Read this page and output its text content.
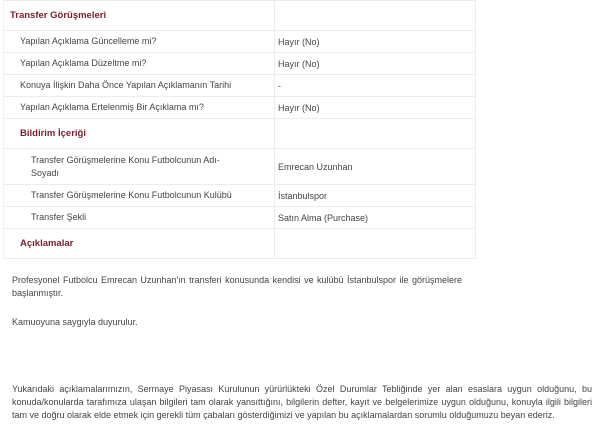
Transfer Görüşmeleri	

Yapılan Açıklama Güncelleme mi?	Hayır (No)

Yapılan Açıklama Düzeltme mi?	Hayır (No)

Konuya İlişkin Daha Önce Yapılan Açıklamanın Tarihi	-

Yapılan Açıklama Ertelenmiş Bir Açıklama mı?	Hayır (No)

Bildirim İçeriği	

Transfer Görüşmelerine Konu Futbolcunun Adı-Soyadı	Emrecan Uzunhan

Transfer Görüşmelerine Konu Futbolcunun Kulübü	İstanbulspor

Transfer Şekli	Satın Alma (Purchase)

Açıklamalar	

Profesyonel Futbolcu Emrecan Uzunhan'ın transferi konusunda kendisi ve kulübü İstanbulspor ile görüşmelere başlanmıştır.

Kamuoyuna saygıyla duyurulur.

Yukarıdaki açıklamalarımızın, Sermaye Piyasası Kurulunun yürürlükteki Özel Durumlar Tebliğinde yer alan esaslara uygun olduğunu, bu konuda/konularda tarafımıza ulaşan bilgileri tam olarak yansıttığını, bilgilerin defter, kayıt ve belgelerimize uygun olduğunu, konuyla ilgili bilgileri tam ve doğru olarak elde etmek için gerekli tüm çabaları gösterdiğimizi ve yapılan bu açıklamalardan sorumlu olduğumuzu beyan ederiz.
